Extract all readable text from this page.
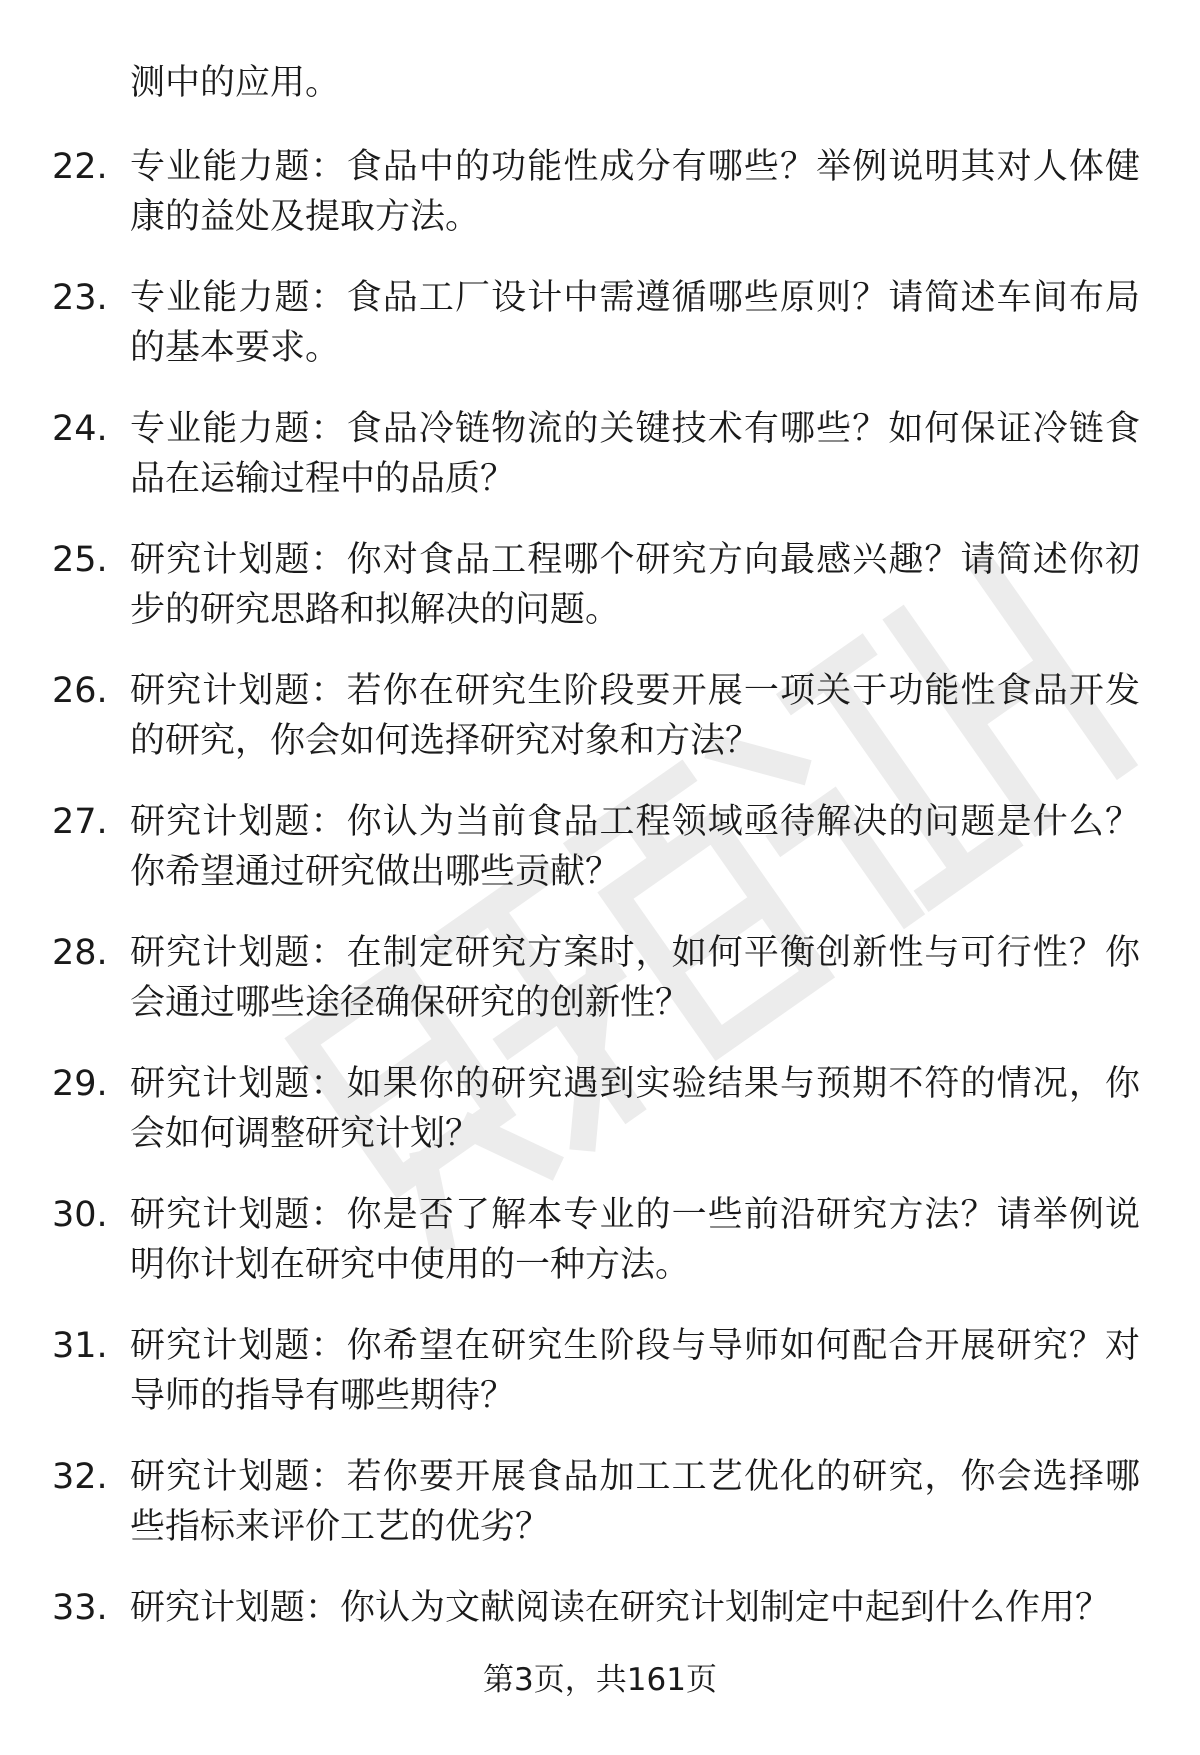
测中的应用。
22. 专业能力题：食品中的功能性成分有哪些？举例说明其对人体健康的益处及提取方法。
23. 专业能力题：食品工厂设计中需遵循哪些原则？请简述车间布局的基本要求。
24. 专业能力题：食品冷链物流的关键技术有哪些？如何保证冷链食品在运输过程中的品质？
25. 研究计划题：你对食品工程哪个研究方向最感兴趣？请简述你初步的研究思路和拟解决的问题。
26. 研究计划题：若你在研究生阶段要开展一项关于功能性食品开发的研究，你会如何选择研究对象和方法？
27. 研究计划题：你认为当前食品工程领域亟待解决的问题是什么？你希望通过研究做出哪些贡献？
28. 研究计划题：在制定研究方案时，如何平衡创新性与可行性？你会通过哪些途径确保研究的创新性？
29. 研究计划题：如果你的研究遇到实验结果与预期不符的情况，你会如何调整研究计划？
30. 研究计划题：你是否了解本专业的一些前沿研究方法？请举例说明你计划在研究中使用的一种方法。
31. 研究计划题：你希望在研究生阶段与导师如何配合开展研究？对导师的指导有哪些期待？
32. 研究计划题：若你要开展食品加工工艺优化的研究，你会选择哪些指标来评价工艺的优劣？
33. 研究计划题：你认为文献阅读在研究计划制定中起到什么作用？
第3页，共161页
